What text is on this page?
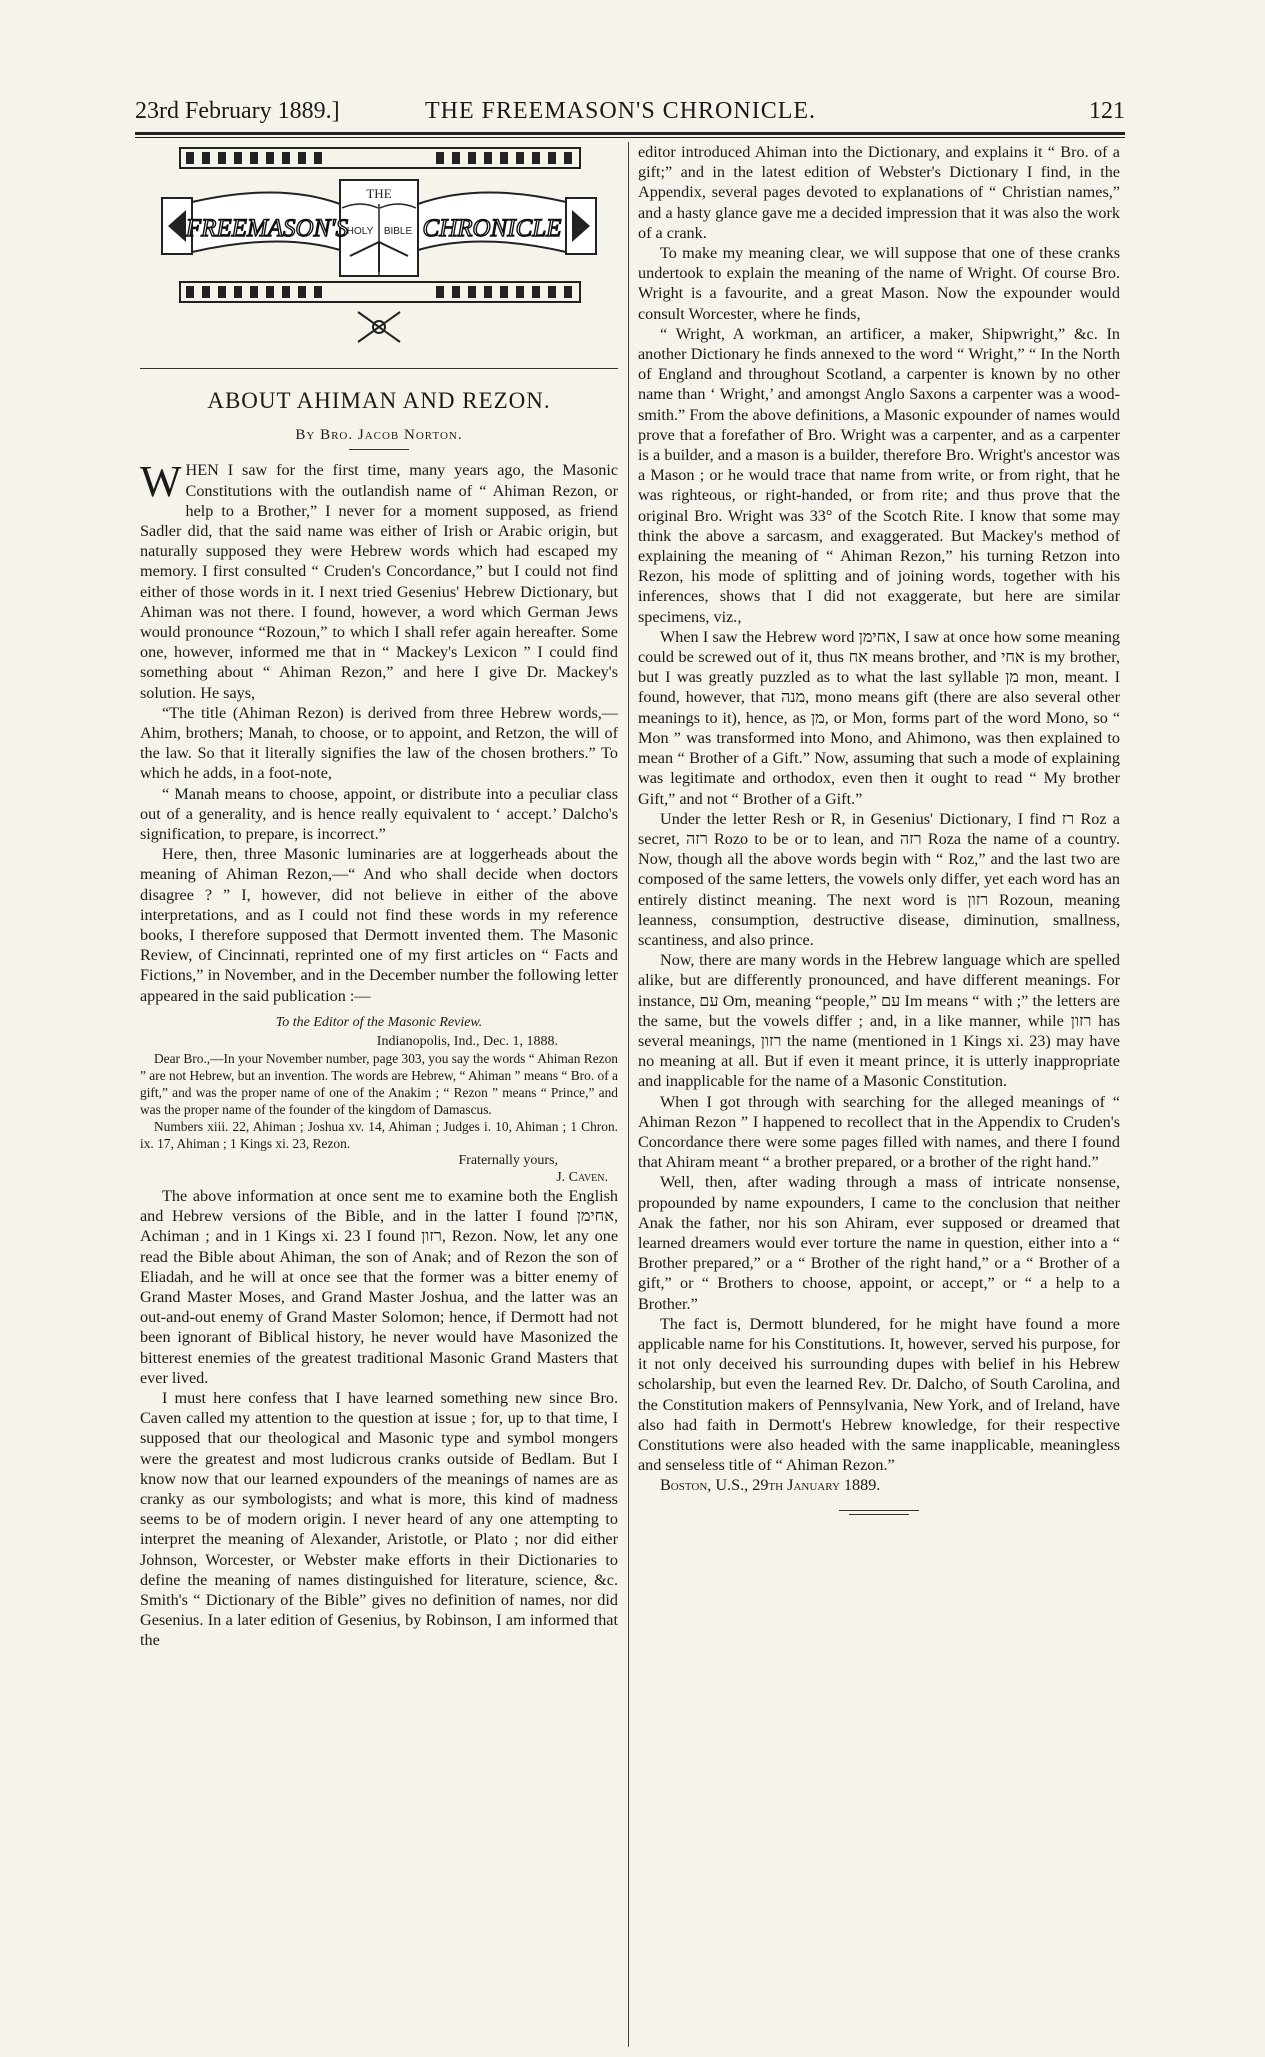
23rd February 1889.]	THE FREEMASON'S CHRONICLE.	121
THE
HOLY BIBLE
FREEMASON'S	CHRONICLE
ABOUT AHIMAN AND REZON.
By Bro. Jacob Norton.

WHEN I saw for the first time, many years ago, the Masonic Constitutions with the outlandish name of “ Ahiman Rezon, or help to a Brother,” I never for a moment supposed, as friend Sadler did, that the said name was either of Irish or Arabic origin, but naturally supposed they were Hebrew words which had escaped my memory. I first consulted “ Cruden's Concordance,” but I could not find either of those words in it. I next tried Gesenius' Hebrew Dictionary, but Ahiman was not there. I found, however, a word which German Jews would pronounce “Rozoun,” to which I shall refer again hereafter. Some one, however, informed me that in “ Mackey's Lexicon ” I could find something about “ Ahiman Rezon,” and here I give Dr. Mackey's solution. He says,

“The title (Ahiman Rezon) is derived from three Hebrew words,—Ahim, brothers; Manah, to choose, or to appoint, and Retzon, the will of the law. So that it literally signifies the law of the chosen brothers.” To which he adds, in a foot-note,

“ Manah means to choose, appoint, or distribute into a peculiar class out of a generality, and is hence really equivalent to ‘ accept.’ Dalcho's signification, to prepare, is incorrect.”

Here, then, three Masonic luminaries are at loggerheads about the meaning of Ahiman Rezon,—“ And who shall decide when doctors disagree ? ” I, however, did not believe in either of the above interpretations, and as I could not find these words in my reference books, I therefore supposed that Dermott invented them. The Masonic Review, of Cincinnati, reprinted one of my first articles on “ Facts and Fictions,” in November, and in the December number the following letter appeared in the said publication :—

To the Editor of the Masonic Review.
Indianopolis, Ind., Dec. 1, 1888.

Dear Bro.,—In your November number, page 303, you say the words “ Ahiman Rezon ” are not Hebrew, but an invention. The words are Hebrew, “ Ahiman ” means “ Bro. of a gift,” and was the proper name of one of the Anakim ; “ Rezon ” means “ Prince,” and was the proper name of the founder of the kingdom of Damascus.

Numbers xiii. 22, Ahiman ; Joshua xv. 14, Ahiman ; Judges i. 10, Ahiman ; 1 Chron. ix. 17, Ahiman ; 1 Kings xi. 23, Rezon.

Fraternally yours,
J. Caven.

The above information at once sent me to examine both the English and Hebrew versions of the Bible, and in the latter I found אחימן, Achiman ; and in 1 Kings xi. 23 I found רזון, Rezon. Now, let any one read the Bible about Ahiman, the son of Anak; and of Rezon the son of Eliadah, and he will at once see that the former was a bitter enemy of Grand Master Moses, and Grand Master Joshua, and the latter was an out-and-out enemy of Grand Master Solomon; hence, if Dermott had not been ignorant of Biblical history, he never would have Masonized the bitterest enemies of the greatest traditional Masonic Grand Masters that ever lived.

I must here confess that I have learned something new since Bro. Caven called my attention to the question at issue ; for, up to that time, I supposed that our theological and Masonic type and symbol mongers were the greatest and most ludicrous cranks outside of Bedlam. But I know now that our learned expounders of the meanings of names are as cranky as our symbologists; and what is more, this kind of madness seems to be of modern origin. I never heard of any one attempting to interpret the meaning of Alexander, Aristotle, or Plato ; nor did either Johnson, Worcester, or Webster make efforts in their Dictionaries to define the meaning of names distinguished for literature, science, &c. Smith's “ Dictionary of the Bible” gives no definition of names, nor did Gesenius. In a later edition of Gesenius, by Robinson, I am informed that the

editor introduced Ahiman into the Dictionary, and explains it “ Bro. of a gift;” and in the latest edition of Webster's Dictionary I find, in the Appendix, several pages devoted to explanations of “ Christian names,” and a hasty glance gave me a decided impression that it was also the work of a crank.

To make my meaning clear, we will suppose that one of these cranks undertook to explain the meaning of the name of Wright. Of course Bro. Wright is a favourite, and a great Mason. Now the expounder would consult Worcester, where he finds,

“ Wright, A workman, an artificer, a maker, Shipwright,” &c. In another Dictionary he finds annexed to the word “ Wright,” “ In the North of England and throughout Scotland, a carpenter is known by no other name than ‘ Wright,’ and amongst Anglo Saxons a carpenter was a wood-smith.” From the above definitions, a Masonic expounder of names would prove that a forefather of Bro. Wright was a carpenter, and as a carpenter is a builder, and a mason is a builder, therefore Bro. Wright's ancestor was a Mason ; or he would trace that name from write, or from right, that he was righteous, or right-handed, or from rite; and thus prove that the original Bro. Wright was 33° of the Scotch Rite. I know that some may think the above a sarcasm, and exaggerated. But Mackey's method of explaining the meaning of “ Ahiman Rezon,” his turning Retzon into Rezon, his mode of splitting and of joining words, together with his inferences, shows that I did not exaggerate, but here are similar specimens, viz.,

When I saw the Hebrew word אחימן, I saw at once how some meaning could be screwed out of it, thus אח means brother, and אחי is my brother, but I was greatly puzzled as to what the last syllable מן mon, meant. I found, however, that מנה, mono means gift (there are also several other meanings to it), hence, as מן, or Mon, forms part of the word Mono, so “ Mon ” was transformed into Mono, and Ahimono, was then explained to mean “ Brother of a Gift.” Now, assuming that such a mode of explaining was legitimate and orthodox, even then it ought to read “ My brother Gift,” and not “ Brother of a Gift.”

Under the letter Resh or R, in Gesenius' Dictionary, I find רז Roz a secret, רזה Rozo to be or to lean, and רזה Roza the name of a country. Now, though all the above words begin with “ Roz,” and the last two are composed of the same letters, the vowels only differ, yet each word has an entirely distinct meaning. The next word is רזון Rozoun, meaning leanness, consumption, destructive disease, diminution, smallness, scantiness, and also prince.

Now, there are many words in the Hebrew language which are spelled alike, but are differently pronounced, and have different meanings. For instance, עם Om, meaning “people,” עם Im means “ with ;” the letters are the same, but the vowels differ ; and, in a like manner, while רזון has several meanings, רזון the name (mentioned in 1 Kings xi. 23) may have no meaning at all. But if even it meant prince, it is utterly inappropriate and inapplicable for the name of a Masonic Constitution.

When I got through with searching for the alleged meanings of “ Ahiman Rezon ” I happened to recollect that in the Appendix to Cruden's Concordance there were some pages filled with names, and there I found that Ahiram meant “ a brother prepared, or a brother of the right hand.”

Well, then, after wading through a mass of intricate nonsense, propounded by name expounders, I came to the conclusion that neither Anak the father, nor his son Ahiram, ever supposed or dreamed that learned dreamers would ever torture the name in question, either into a “ Brother prepared,” or a “ Brother of the right hand,” or a “ Brother of a gift,” or “ Brothers to choose, appoint, or accept,” or “ a help to a Brother.”

The fact is, Dermott blundered, for he might have found a more applicable name for his Constitutions. It, however, served his purpose, for it not only deceived his surrounding dupes with belief in his Hebrew scholarship, but even the learned Rev. Dr. Dalcho, of South Carolina, and the Constitution makers of Pennsylvania, New York, and of Ireland, have also had faith in Dermott's Hebrew knowledge, for their respective Constitutions were also headed with the same inapplicable, meaningless and senseless title of “ Ahiman Rezon.”

Boston, U.S., 29th January 1889.
